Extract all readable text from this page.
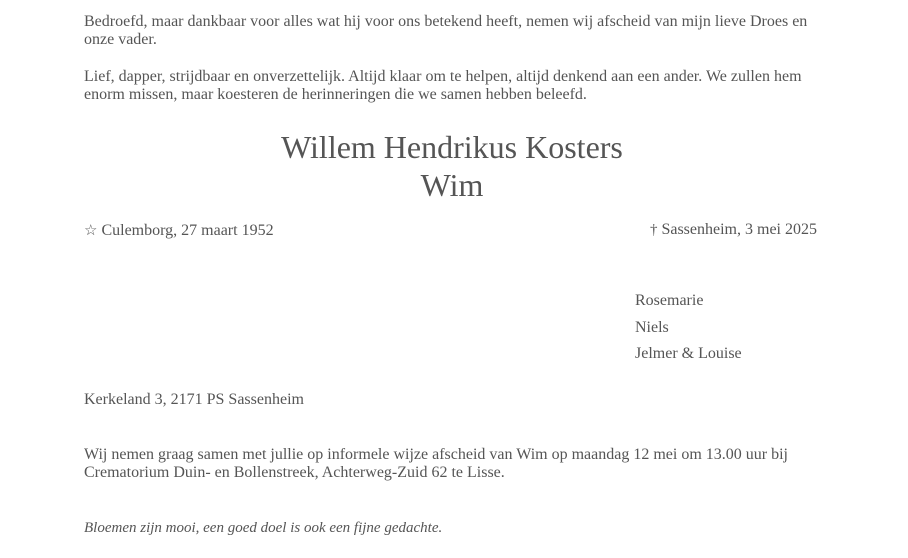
Bedroefd, maar dankbaar voor alles wat hij voor ons betekend heeft, nemen wij afscheid van mijn lieve Droes en onze vader.

Lief, dapper, strijdbaar en onverzettelijk. Altijd klaar om te helpen, altijd denkend aan een ander. We zullen hem enorm missen, maar koesteren de herinneringen die we samen hebben beleefd.

Willem Hendrikus Kosters
Wim
☆ Culemborg, 27 maart 1952	† Sassenheim, 3 mei 2025
Rosemarie
Niels
Jelmer & Louise
Kerkeland 3, 2171 PS Sassenheim

Wij nemen graag samen met jullie op informele wijze afscheid van Wim op maandag 12 mei om 13.00 uur bij Crematorium Duin- en Bollenstreek, Achterweg-Zuid 62 te Lisse.

Bloemen zijn mooi, een goed doel is ook een fijne gedachte.
